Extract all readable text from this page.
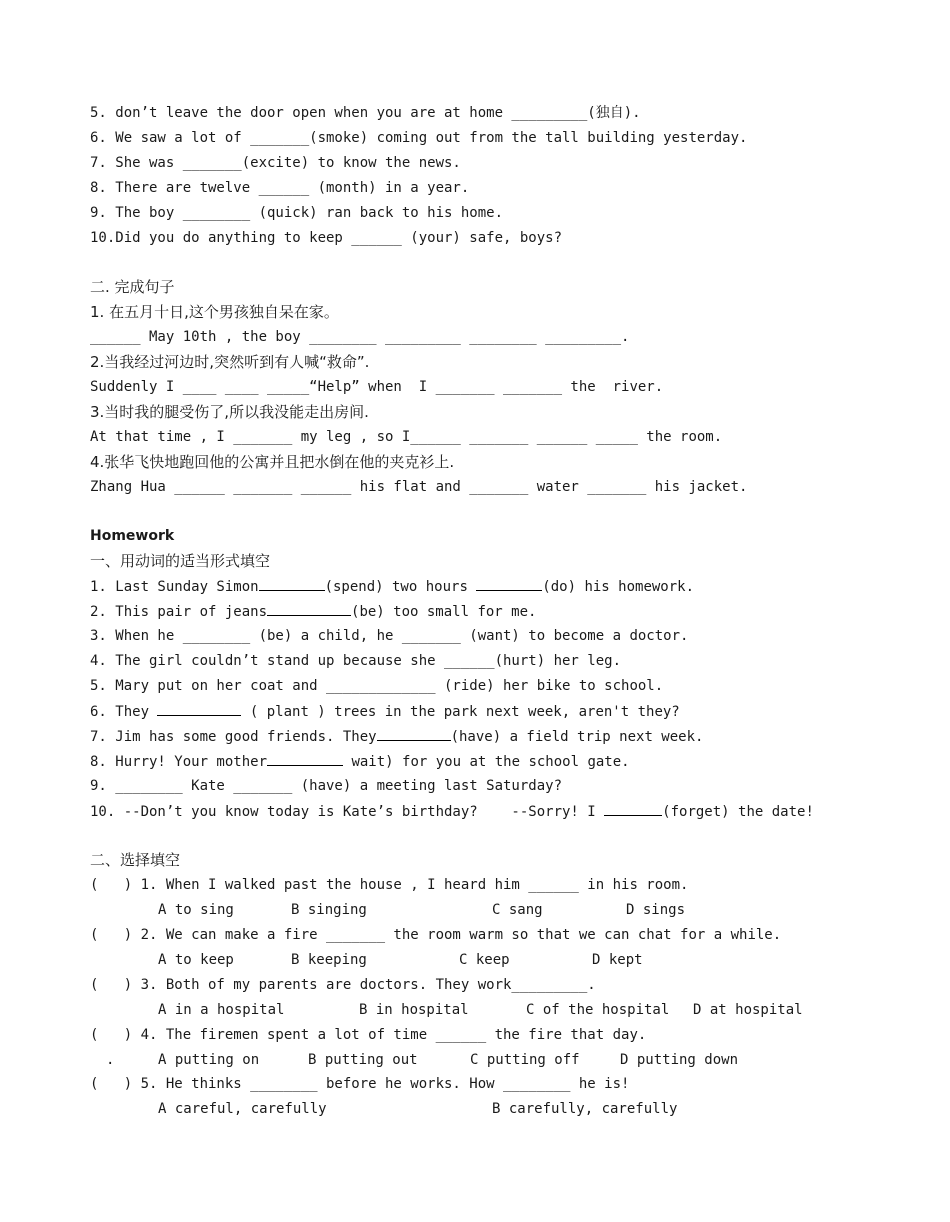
5. don’t leave the door open when you are at home _________(独自).
6. We saw a lot of _______(smoke) coming out from the tall building yesterday.
7. She was _______(excite) to know the news.
8. There are twelve ______ (month) in a year.
9. The boy ________ (quick) ran back to his home.
10.Did you do anything to keep ______ (your) safe, boys?
二. 完成句子
1. 在五月十日,这个男孩独自呆在家。
______ May 10th , the boy ________ _________ ________ _________.
2.当我经过河边时,突然听到有人喊“救命”.
Suddenly I ____ ____ _____“Help” when  I _______ _______ the  river.
3.当时我的腿受伤了,所以我没能走出房间.
At that time , I _______ my leg , so I______ _______ ______ _____ the room.
4.张华飞快地跑回他的公寓并且把水倒在他的夹克衫上.
Zhang Hua ______ _______ ______ his flat and _______ water _______ his jacket.
Homework
一、用动词的适当形式填空
1. Last Sunday Simon	(spend) two hours	(do) his homework.
2. This pair of jeans	(be) too small for me.
3. When he ________ (be) a child, he _______ (want) to become a doctor.
4. The girl couldn’t stand up because she ______(hurt) her leg.
5. Mary put on her coat and _____________ (ride) her bike to school.
6. They	( plant ) trees in the park next week, aren't they?
7. Jim has some good friends. They	(have) a field trip next week.
8. Hurry! Your mother	wait) for you at the school gate.
9. ________ Kate _______ (have) a meeting last Saturday?
10. --Don’t you know today is Kate’s birthday?    --Sorry! I	(forget) the date!
二、选择填空
(   ) 1. When I walked past the house , I heard him ______ in his room.
A to sing	B singing	C sang	D sings
(   ) 2. We can make a fire _______ the room warm so that we can chat for a while.
A to keep	B keeping	C keep	D kept
(   ) 3. Both of my parents are doctors. They work_________.
A in a hospital	B in hospital	C of the hospital D at hospital
(   ) 4. The firemen spent a lot of time ______ the fire that day.
.	A putting on	B putting out	C putting off	D putting down
(   ) 5. He thinks ________ before he works. How ________ he is!
A careful, carefully	B carefully, carefully
